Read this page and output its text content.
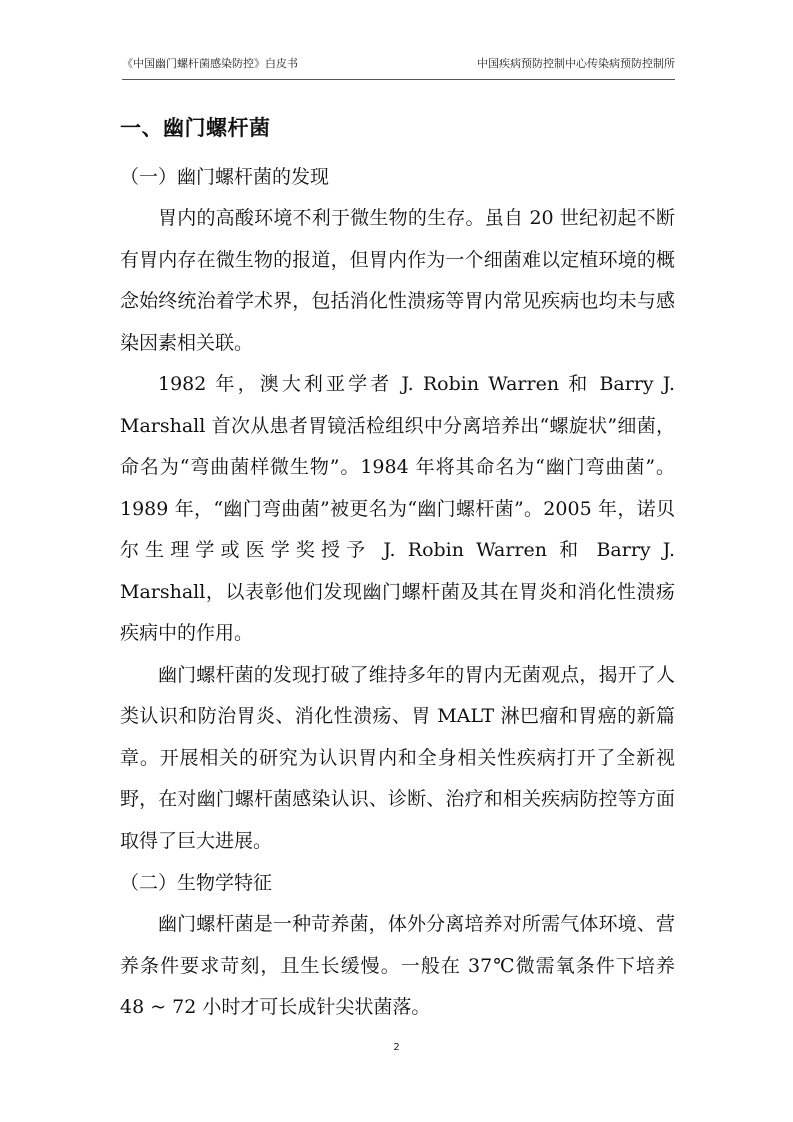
《中国幽门螺杆菌感染防控》白皮书	中国疾病预防控制中心传染病预防控制所
一、幽门螺杆菌
（一）幽门螺杆菌的发现

胃内的高酸环境不利于微生物的生存。虽自 20 世纪初起不断有胃内存在微生物的报道，但胃内作为一个细菌难以定植环境的概念始终统治着学术界，包括消化性溃疡等胃内常见疾病也均未与感染因素相关联。

1982 年，澳大利亚学者 J. Robin Warren 和 Barry J. Marshall 首次从患者胃镜活检组织中分离培养出“螺旋状”细菌，命名为“弯曲菌样微生物”。1984 年将其命名为“幽门弯曲菌”。1989 年，“幽门弯曲菌”被更名为“幽门螺杆菌”。2005 年，诺贝尔生理学或医学奖授予 J. Robin Warren 和 Barry J. Marshall，以表彰他们发现幽门螺杆菌及其在胃炎和消化性溃疡疾病中的作用。

幽门螺杆菌的发现打破了维持多年的胃内无菌观点，揭开了人类认识和防治胃炎、消化性溃疡、胃 MALT 淋巴瘤和胃癌的新篇章。开展相关的研究为认识胃内和全身相关性疾病打开了全新视野，在对幽门螺杆菌感染认识、诊断、治疗和相关疾病防控等方面取得了巨大进展。

（二）生物学特征

幽门螺杆菌是一种苛养菌，体外分离培养对所需气体环境、营养条件要求苛刻，且生长缓慢。一般在 37℃微需氧条件下培养 48 ~ 72 小时才可长成针尖状菌落。

2
